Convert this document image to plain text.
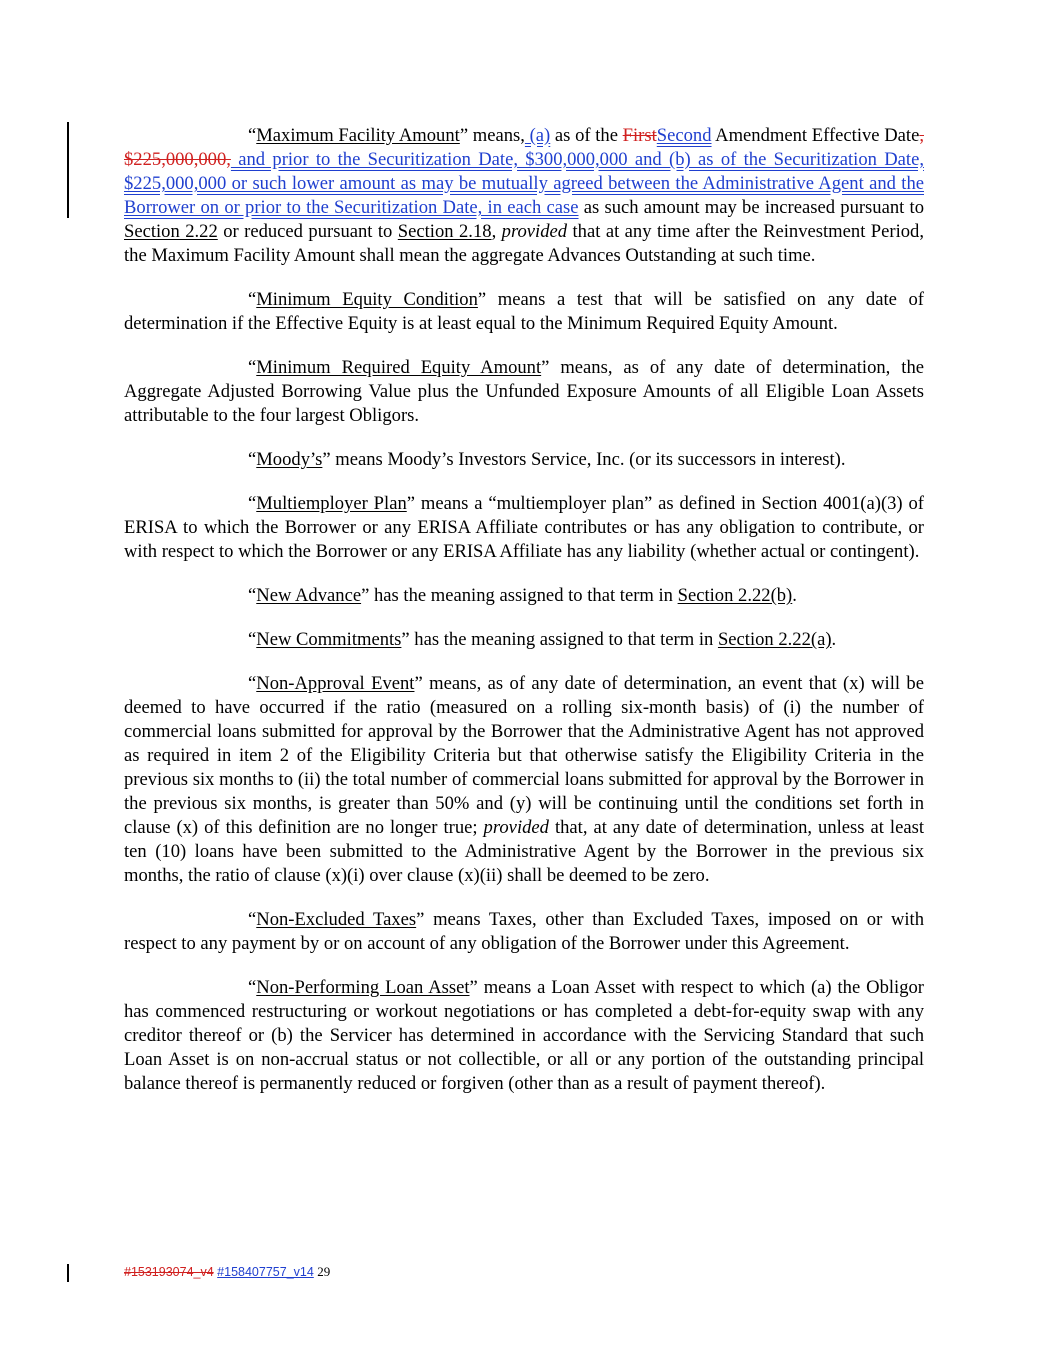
“Maximum Facility Amount” means, (a) as of the FirstSecond Amendment Effective Date, $225,000,000, and prior to the Securitization Date, $300,000,000 and (b) as of the Securitization Date, $225,000,000 or such lower amount as may be mutually agreed between the Administrative Agent and the Borrower on or prior to the Securitization Date, in each case as such amount may be increased pursuant to Section 2.22 or reduced pursuant to Section 2.18, provided that at any time after the Reinvestment Period, the Maximum Facility Amount shall mean the aggregate Advances Outstanding at such time.

“Minimum Equity Condition” means a test that will be satisfied on any date of determination if the Effective Equity is at least equal to the Minimum Required Equity Amount.

“Minimum Required Equity Amount” means, as of any date of determination, the Aggregate Adjusted Borrowing Value plus the Unfunded Exposure Amounts of all Eligible Loan Assets attributable to the four largest Obligors.

“Moody’s” means Moody’s Investors Service, Inc. (or its successors in interest).

“Multiemployer Plan” means a “multiemployer plan” as defined in Section 4001(a)(3) of ERISA to which the Borrower or any ERISA Affiliate contributes or has any obligation to contribute, or with respect to which the Borrower or any ERISA Affiliate has any liability (whether actual or contingent).

“New Advance” has the meaning assigned to that term in Section 2.22(b).

“New Commitments” has the meaning assigned to that term in Section 2.22(a).

“Non-Approval Event” means, as of any date of determination, an event that (x) will be deemed to have occurred if the ratio (measured on a rolling six-month basis) of (i) the number of commercial loans submitted for approval by the Borrower that the Administrative Agent has not approved as required in item 2 of the Eligibility Criteria but that otherwise satisfy the Eligibility Criteria in the previous six months to (ii) the total number of commercial loans submitted for approval by the Borrower in the previous six months, is greater than 50% and (y) will be continuing until the conditions set forth in clause (x) of this definition are no longer true; provided that, at any date of determination, unless at least ten (10) loans have been submitted to the Administrative Agent by the Borrower in the previous six months, the ratio of clause (x)(i) over clause (x)(ii) shall be deemed to be zero.

“Non-Excluded Taxes” means Taxes, other than Excluded Taxes, imposed on or with respect to any payment by or on account of any obligation of the Borrower under this Agreement.

“Non-Performing Loan Asset” means a Loan Asset with respect to which (a) the Obligor has commenced restructuring or workout negotiations or has completed a debt-for-equity swap with any creditor thereof or (b) the Servicer has determined in accordance with the Servicing Standard that such Loan Asset is on non-accrual status or not collectible, or all or any portion of the outstanding principal balance thereof is permanently reduced or forgiven (other than as a result of payment thereof).

#153193074_v4 #158407757_v14 29
